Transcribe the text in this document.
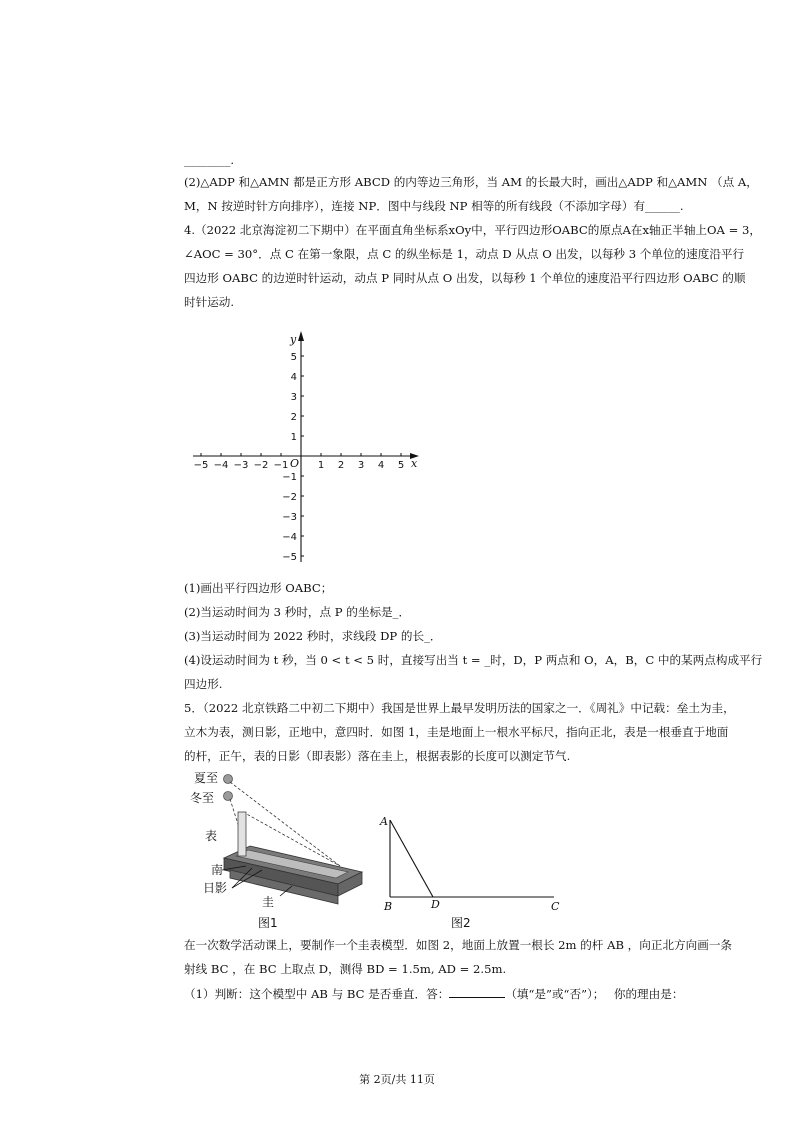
________.
(2)△ADP 和△AMN 都是正方形 ABCD 的内等边三角形，当 AM 的长最大时，画出△ADP 和△AMN （点 A，
M，N 按逆时针方向排序），连接 NP．图中与线段 NP 相等的所有线段（不添加字母）有______.
4.（2022 北京海淀初二下期中）在平面直角坐标系xOy中，平行四边形OABC的原点A在x轴正半轴上OA = 3，
∠AOC = 30°．点 C 在第一象限，点 C 的纵坐标是 1，动点 D 从点 O 出发，以每秒 3 个单位的速度沿平行
四边形 OABC 的边逆时针运动，动点 P 同时从点 O 出发，以每秒 1 个单位的速度沿平行四边形 OABC 的顺
时针运动.
−5 −4 −3 −2 −1	1 2 3 4 5
5
4
3
2
1
−1
−2
−3
−4
−5
O	x
y
(1)画出平行四边形 OABC；
(2)当运动时间为 3 秒时，点 P 的坐标是_．
(3)当运动时间为 2022 秒时，求线段 DP 的长_．
(4)设运动时间为 t 秒，当 0 < t < 5 时，直接写出当 t = _时，D，P 两点和 O，A，B，C 中的某两点构成平行
四边形.
5．（2022 北京铁路二中初二下期中）我国是世界上最早发明历法的国家之一．《周礼》中记载：垒土为圭，
立木为表，测日影，正地中，意四时．如图 1，圭是地面上一根水平标尺，指向正北，表是一根垂直于地面
的杆，正午，表的日影（即表影）落在圭上，根据表影的长度可以测定节气.
夏至
冬至
表
南
日影
圭
图1
A
B	D	C
图2
在一次数学活动课上，要制作一个圭表模型．如图 2，地面上放置一根长 2m 的杆 AB ，向正北方向画一条
射线 BC ，在 BC 上取点 D，测得 BD = 1.5m, AD = 2.5m.
（1）判断：这个模型中 AB 与 BC 是否垂直．答：	（填“是”或“否”）；　 你的理由是：
第 2页/共 11页
